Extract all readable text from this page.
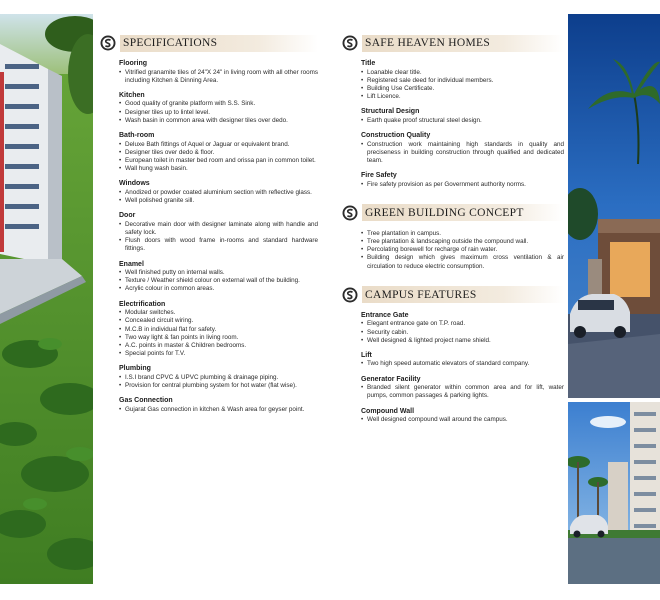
SPECIFICATIONS
Flooring
• Vitrified granamite tiles of 24"X 24" in living room with all other rooms including Kitchen & Dinning Area.
Kitchen
• Good quality of granite platform with S.S. Sink.
• Designer tiles up to lintel level.
• Wash basin in common area with designer tiles over dedo.
Bath-room
• Deluxe Bath fittings of Aquel or Jaguar or equivalent brand.
• Designer tiles over dedo & floor.
• European toilet in master bed room and orissa pan in common toilet.
• Wall hung wash basin.
Windows
• Anodized or powder coated aluminium section with reflective glass.
• Well polished granite sill.
Door
• Decorative main door with designer laminate along with handle and safety lock.
• Flush doors with wood frame in-rooms and standard hardware fittings.
Enamel
• Well finished putty on internal walls.
• Texture / Weather shield colour on external wall of the building.
• Acrylic colour in common areas.
Electrification
• Modular switches.
• Concealed circuit wiring.
• M.C.B in individual flat for safety.
• Two way light & fan points in living room.
• A.C. points in master & Children bedrooms.
• Special points for T.V.
Plumbing
• I.S.I brand CPVC & UPVC plumbing & drainage piping.
• Provision for central plumbing system for hot water (flat wise).
Gas Connection
• Gujarat Gas connection in kitchen & Wash area for geyser point.
SAFE HEAVEN HOMES
Title
• Loanable clear title.
• Registered sale deed for individual members.
• Building Use Certificate.
• Lift Licence.
Structural Design
• Earth quake proof structural steel design.
Construction Quality
• Construction work maintaining high standards in quality and preciseness in building construction through qualified and dedicated team.
Fire Safety
• Fire safety provision as per Government authority norms.
GREEN BUILDING CONCEPT
• Tree plantation in campus.
• Tree plantation & landscaping outside the compound wall.
• Percolating borewell for recharge of rain water.
• Building design which gives maximum cross ventilation & air circulation to reduce electric consumption.
CAMPUS FEATURES
Entrance Gate
• Elegant entrance gate on T.P. road.
• Security cabin.
• Well designed & lighted project name shield.
Lift
• Two high speed automatic elevators of standard company.
Generator Facility
• Branded silent generator within common area and for lift, water pumps, common passages & parking lights.
Compound Wall
• Well designed compound wall around the campus.
